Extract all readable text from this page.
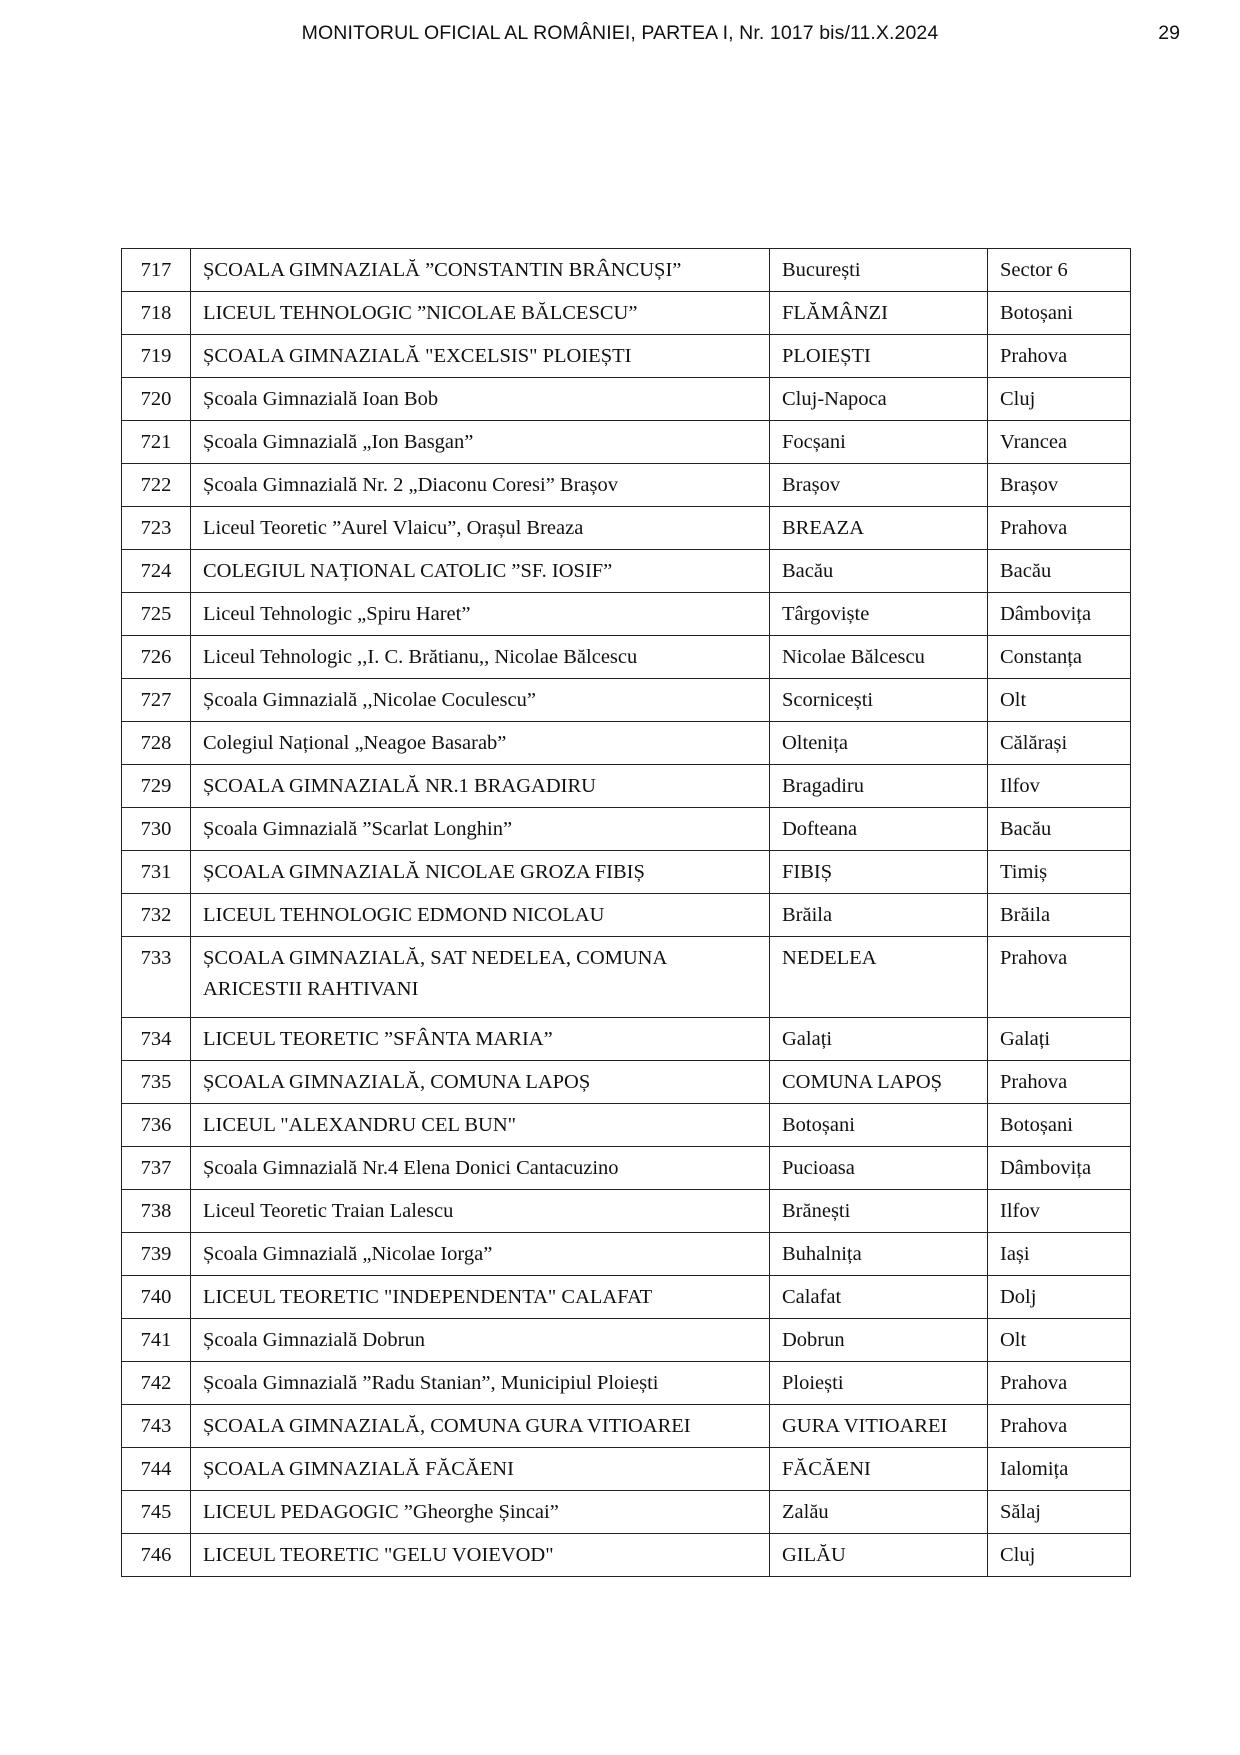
MONITORUL OFICIAL AL ROMÂNIEI, PARTEA I, Nr. 1017 bis/11.X.2024	29
717	ȘCOALA GIMNAZIALĂ ”CONSTANTIN BRÂNCUȘI”	București	Sector 6
718	LICEUL TEHNOLOGIC ”NICOLAE BĂLCESCU”	FLĂMÂNZI	Botoșani
719	ȘCOALA GIMNAZIALĂ "EXCELSIS" PLOIEȘTI	PLOIEȘTI	Prahova
720	Școala Gimnazială Ioan Bob	Cluj-Napoca	Cluj
721	Școala Gimnazială „Ion Basgan”	Focșani	Vrancea
722	Școala Gimnazială Nr. 2 „Diaconu Coresi” Brașov	Brașov	Brașov
723	Liceul Teoretic ”Aurel Vlaicu”, Orașul Breaza	BREAZA	Prahova
724	COLEGIUL NAȚIONAL CATOLIC ”SF. IOSIF”	Bacău	Bacău
725	Liceul Tehnologic „Spiru Haret”	Târgoviște	Dâmbovița
726	Liceul Tehnologic ,,I. C. Brătianu,, Nicolae Bălcescu	Nicolae Bălcescu	Constanța
727	Școala Gimnazială ,,Nicolae Coculescu”	Scornicești	Olt
728	Colegiul Național „Neagoe Basarab”	Oltenița	Călărași
729	ȘCOALA GIMNAZIALĂ NR.1 BRAGADIRU	Bragadiru	Ilfov
730	Școala Gimnazială ”Scarlat Longhin”	Dofteana	Bacău
731	ȘCOALA GIMNAZIALĂ NICOLAE GROZA FIBIȘ	FIBIȘ	Timiș
732	LICEUL TEHNOLOGIC EDMOND NICOLAU	Brăila	Brăila
733	ȘCOALA GIMNAZIALĂ, SAT NEDELEA, COMUNA
ARICESTII RAHTIVANI	NEDELEA	Prahova
734	LICEUL TEORETIC ”SFÂNTA MARIA”	Galați	Galați
735	ȘCOALA GIMNAZIALĂ, COMUNA LAPOȘ	COMUNA LAPOȘ	Prahova
736	LICEUL "ALEXANDRU CEL BUN"	Botoșani	Botoșani
737	Școala Gimnazială Nr.4 Elena Donici Cantacuzino	Pucioasa	Dâmbovița
738	Liceul Teoretic Traian Lalescu	Brănești	Ilfov
739	Școala Gimnazială „Nicolae Iorga”	Buhalnița	Iași
740	LICEUL TEORETIC "INDEPENDENTA" CALAFAT	Calafat	Dolj
741	Școala Gimnazială Dobrun	Dobrun	Olt
742	Școala Gimnazială ”Radu Stanian”, Municipiul Ploiești	Ploiești	Prahova
743	ȘCOALA GIMNAZIALĂ, COMUNA GURA VITIOAREI	GURA VITIOAREI	Prahova
744	ȘCOALA GIMNAZIALĂ FĂCĂENI	FĂCĂENI	Ialomița
745	LICEUL PEDAGOGIC ”Gheorghe Șincai”	Zalău	Sălaj
746	LICEUL TEORETIC "GELU VOIEVOD"	GILĂU	Cluj
